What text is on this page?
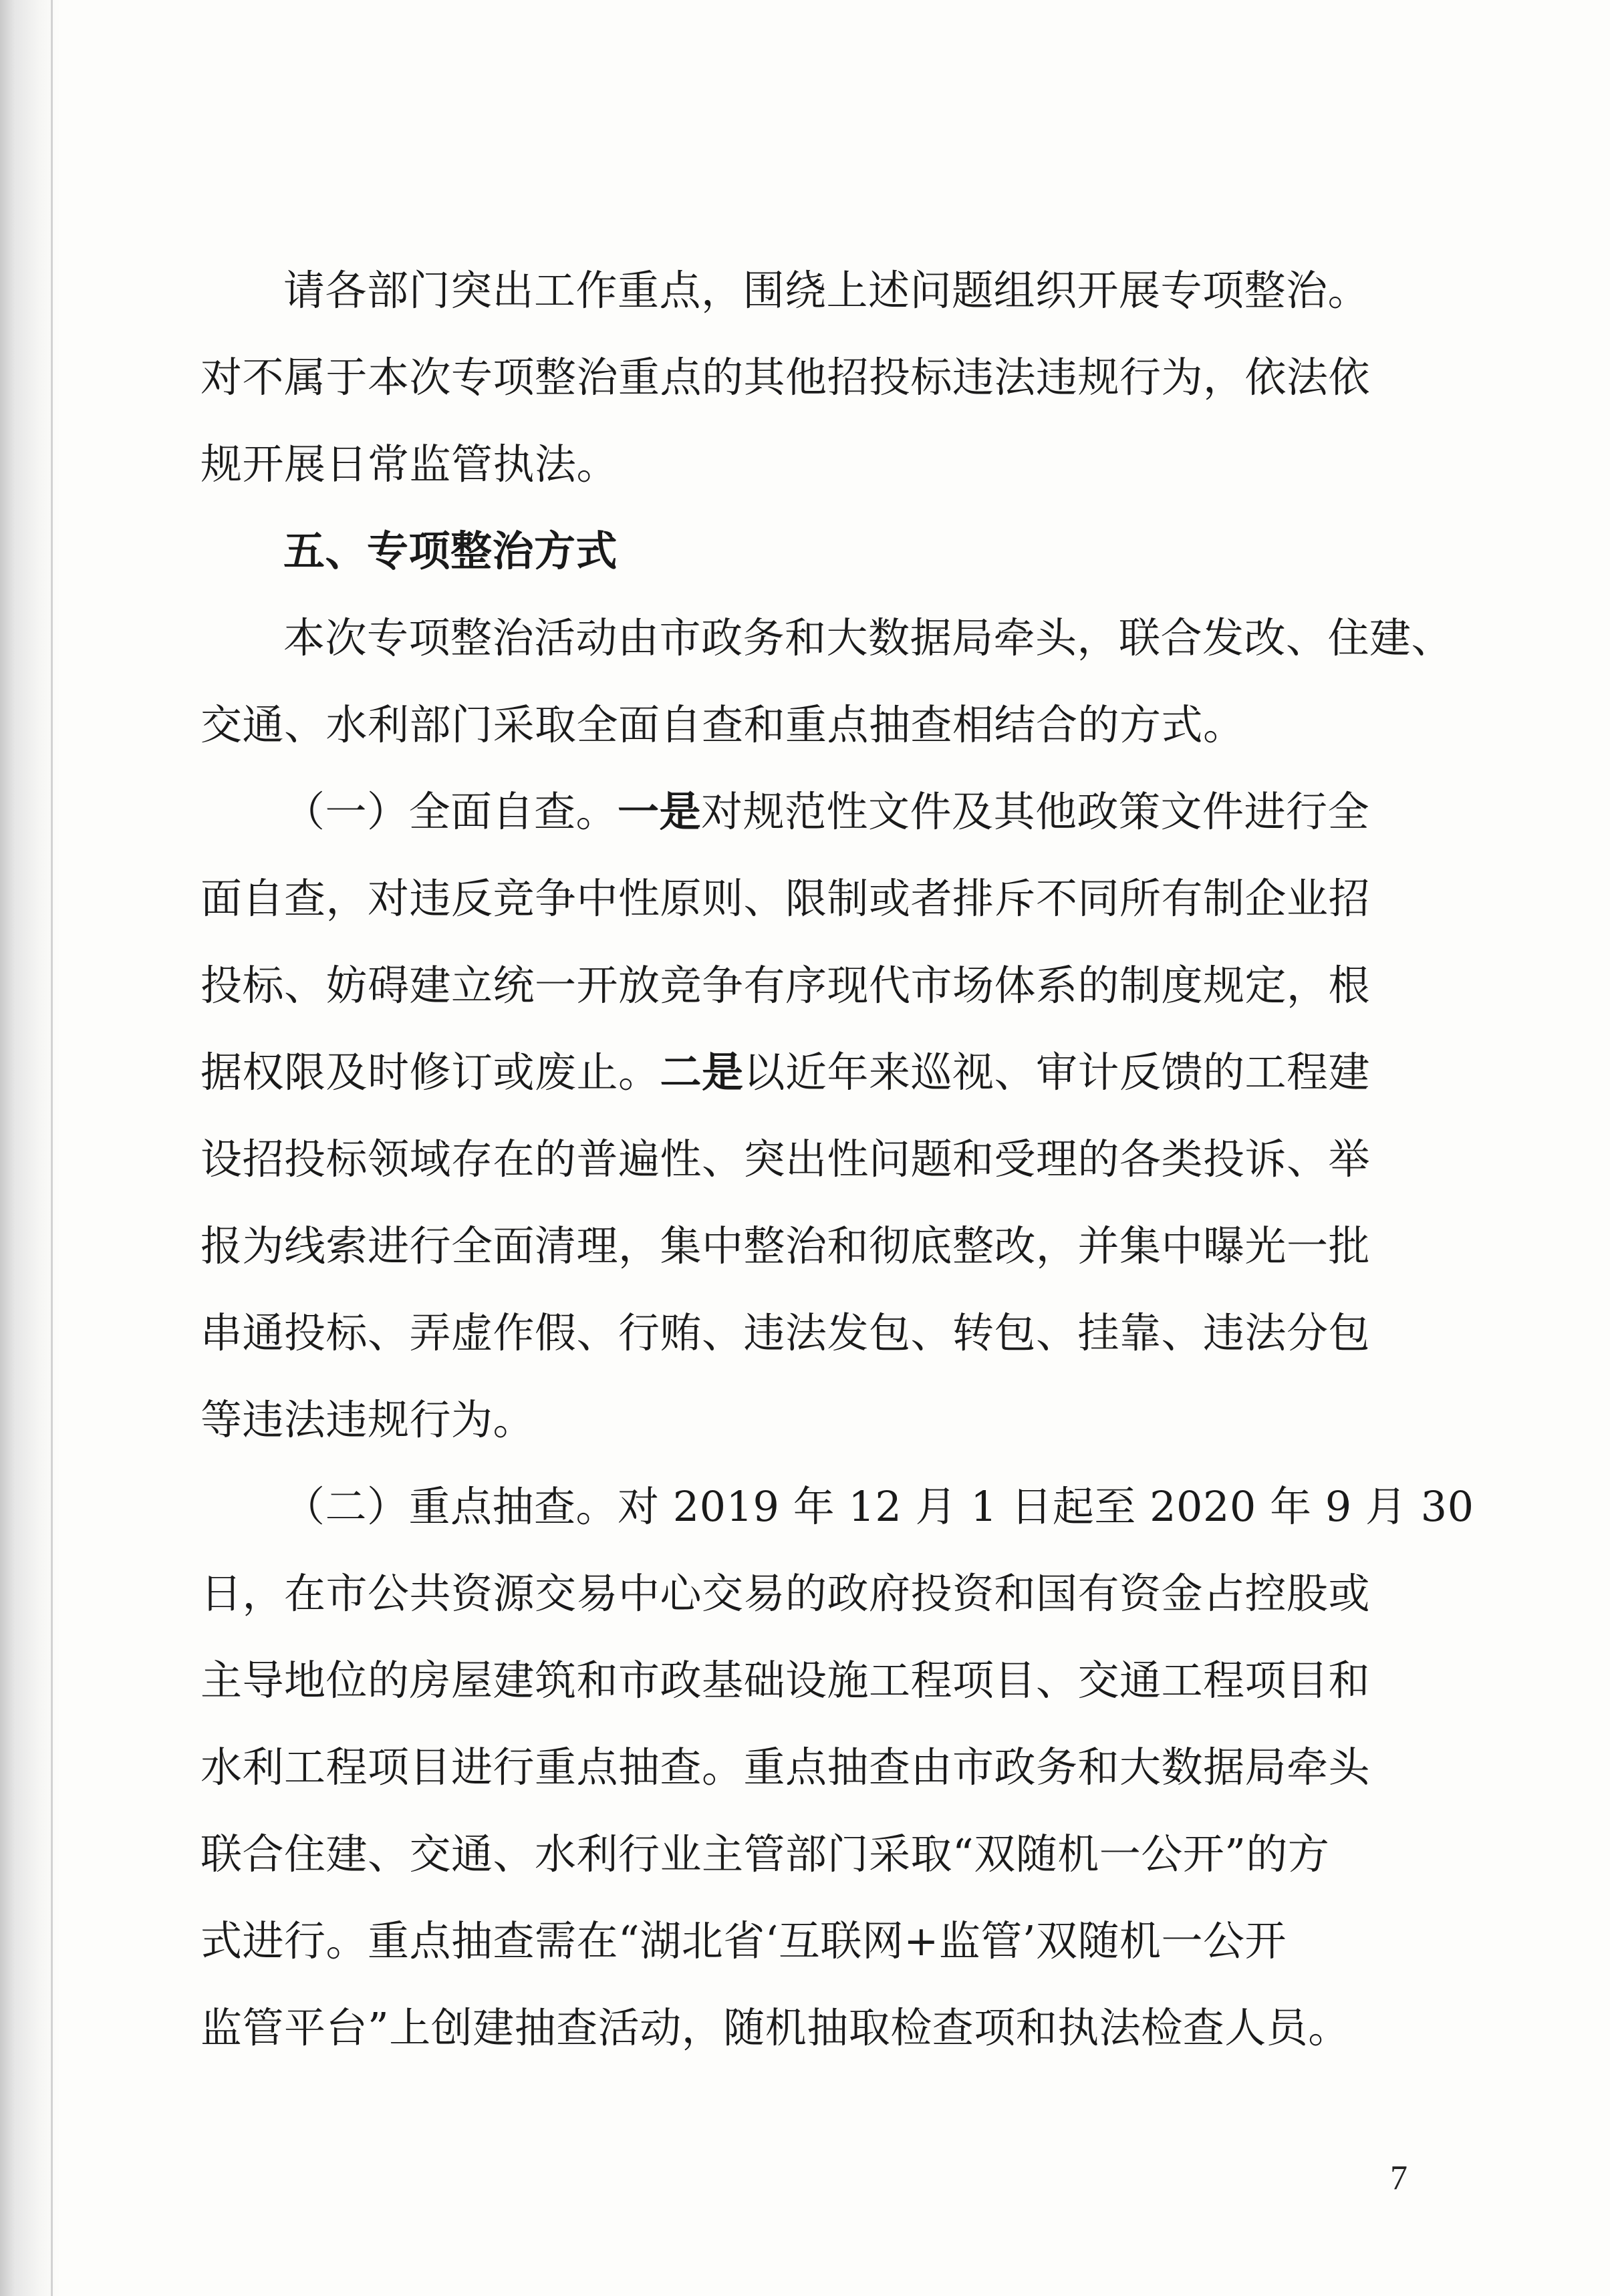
请各部门突出工作重点，围绕上述问题组织开展专项整治。
对不属于本次专项整治重点的其他招投标违法违规行为，依法依
规开展日常监管执法。
五、专项整治方式
本次专项整治活动由市政务和大数据局牵头，联合发改、住建、
交通、水利部门采取全面自查和重点抽查相结合的方式。
（一）全面自查。一是对规范性文件及其他政策文件进行全
面自查，对违反竞争中性原则、限制或者排斥不同所有制企业招
投标、妨碍建立统一开放竞争有序现代市场体系的制度规定，根
据权限及时修订或废止。二是以近年来巡视、审计反馈的工程建
设招投标领域存在的普遍性、突出性问题和受理的各类投诉、举
报为线索进行全面清理，集中整治和彻底整改，并集中曝光一批
串通投标、弄虚作假、行贿、违法发包、转包、挂靠、违法分包
等违法违规行为。
（二）重点抽查。对 2019 年 12 月 1 日起至 2020 年 9 月 30
日，在市公共资源交易中心交易的政府投资和国有资金占控股或
主导地位的房屋建筑和市政基础设施工程项目、交通工程项目和
水利工程项目进行重点抽查。重点抽查由市政务和大数据局牵头
联合住建、交通、水利行业主管部门采取“双随机一公开”的方
式进行。重点抽查需在“湖北省‘互联网+监管’双随机一公开
监管平台”上创建抽查活动，随机抽取检查项和执法检查人员。
7
